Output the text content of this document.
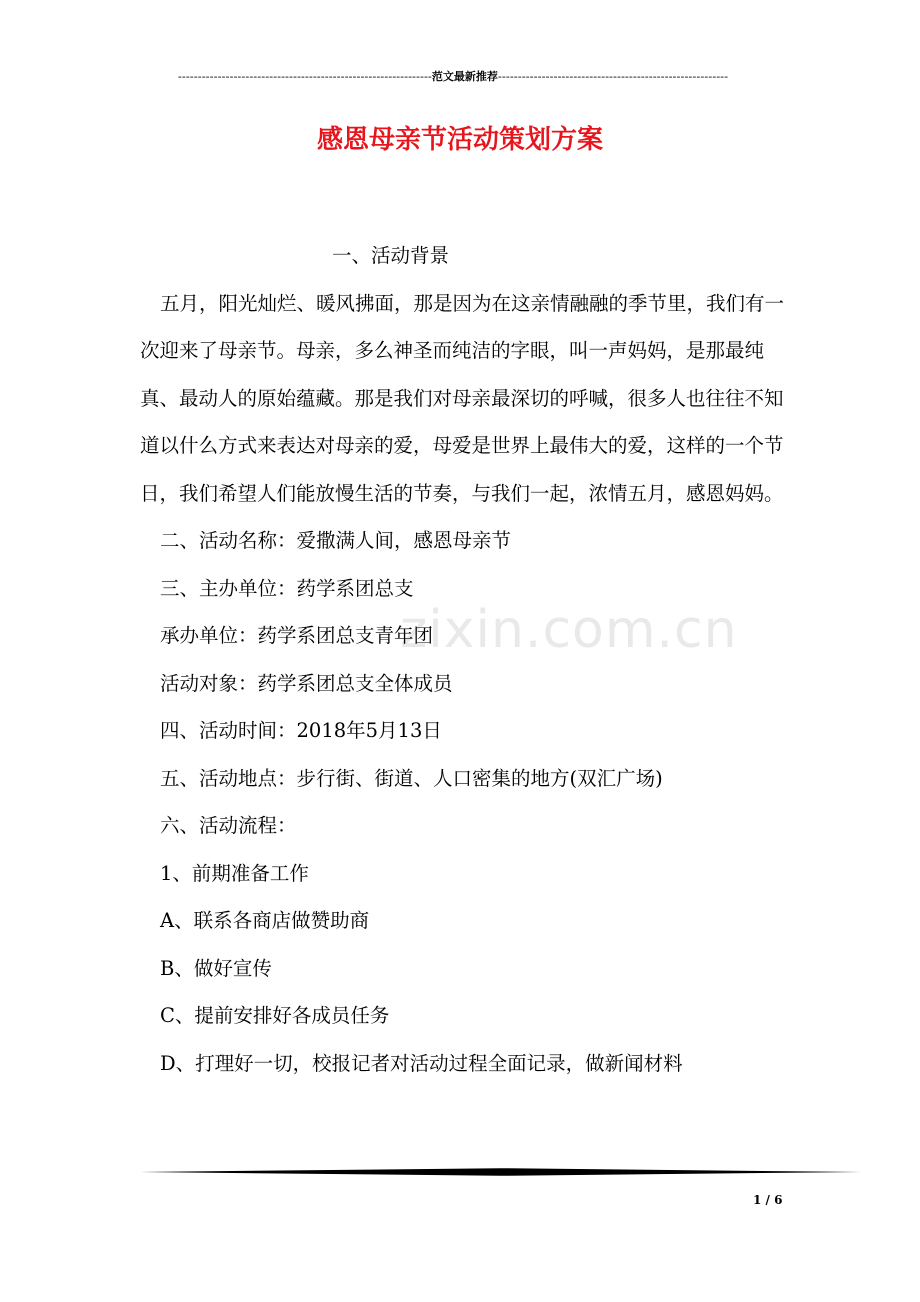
----------------------------------------------------------------范文最新推荐----------------------------------------------------------
感恩母亲节活动策划方案
zixin.com.cn

一、活动背景

五月，阳光灿烂、暖风拂面，那是因为在这亲情融融的季节里，我们有一次迎来了母亲节。母亲，多么神圣而纯洁的字眼，叫一声妈妈，是那最纯真、最动人的原始蕴藏。那是我们对母亲最深切的呼喊，很多人也往往不知道以什么方式来表达对母亲的爱，母爱是世界上最伟大的爱，这样的一个节日，我们希望人们能放慢生活的节奏，与我们一起，浓情五月，感恩妈妈。

二、活动名称：爱撒满人间，感恩母亲节

三、主办单位：药学系团总支

承办单位：药学系团总支青年团

活动对象：药学系团总支全体成员

四、活动时间：2018年5月13日

五、活动地点：步行街、街道、人口密集的地方(双汇广场)

六、活动流程：

1、前期准备工作

A、联系各商店做赞助商

B、做好宣传

C、提前安排好各成员任务

D、打理好一切，校报记者对活动过程全面记录，做新闻材料

1 / 6
